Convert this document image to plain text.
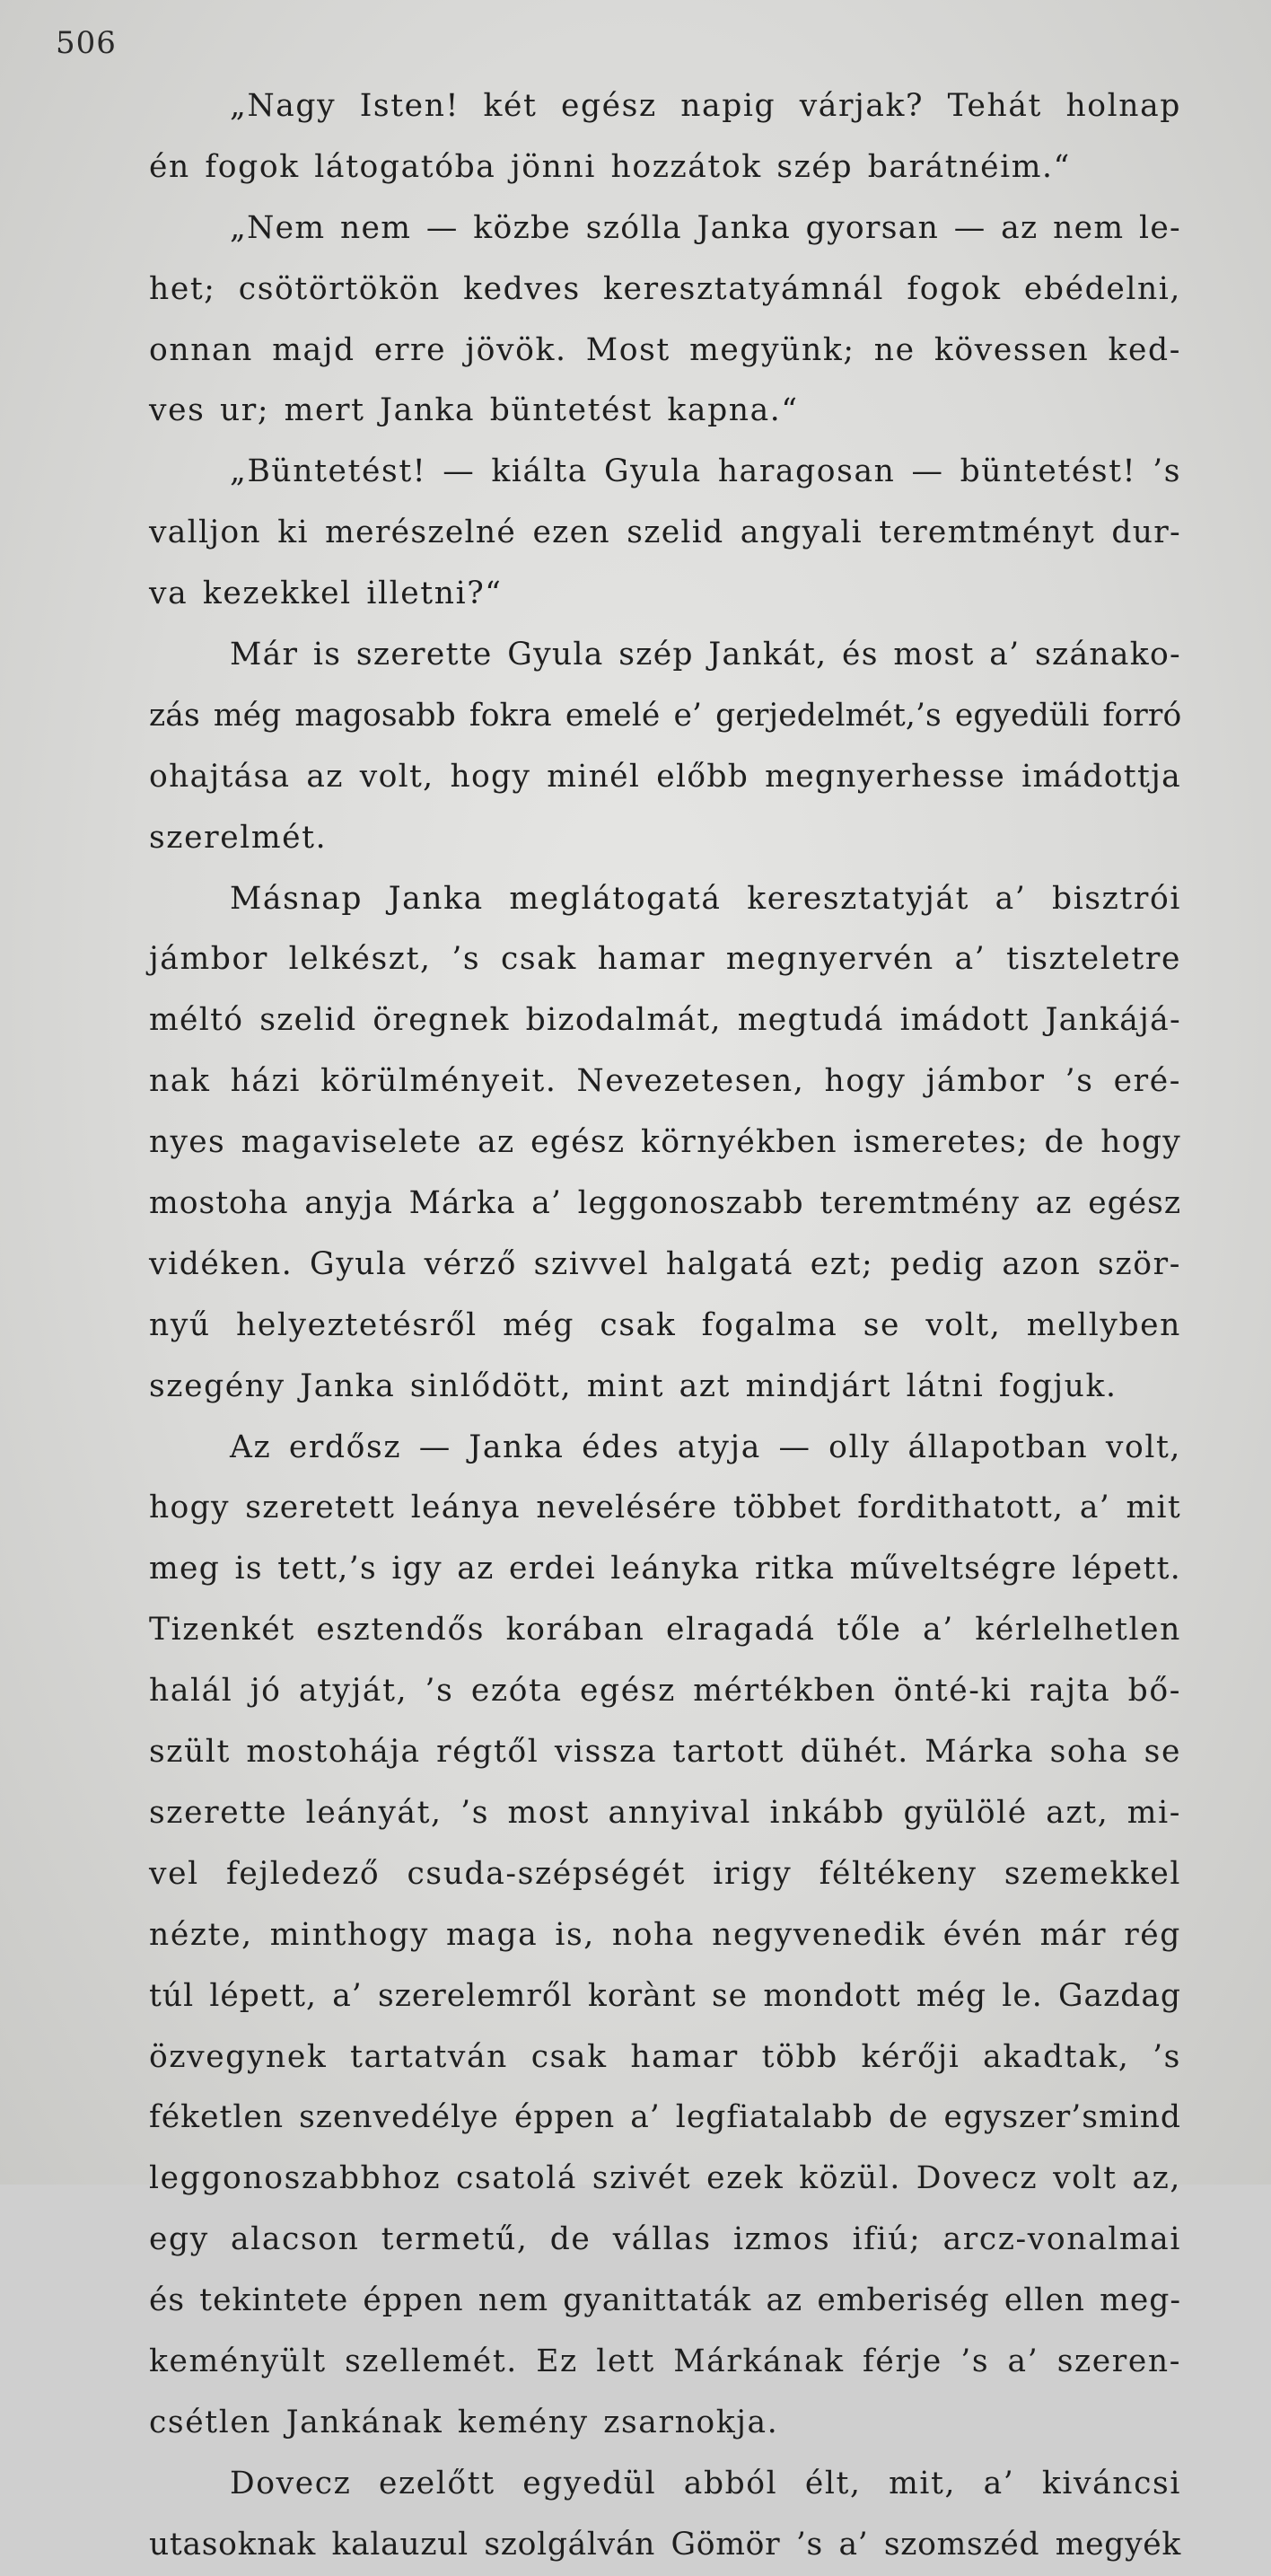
506
„Nagy Isten! két egész napig várjak? Tehát holnap
én fogok látogatóba jönni hozzátok szép barátnéim.“
„Nem nem — közbe szólla Janka gyorsan — az nem le-
het; csötörtökön kedves keresztatyámnál fogok ebédelni,
onnan majd erre jövök. Most megyünk; ne kövessen ked-
ves ur; mert Janka büntetést kapna.“
„Büntetést! — kiálta Gyula haragosan — büntetést! ’s
valljon ki merészelné ezen szelid angyali teremtményt dur-
va kezekkel illetni?“
Már is szerette Gyula szép Jankát, és most a’ szánako-
zás még magosabb fokra emelé e’ gerjedelmét,’s egyedüli forró
ohajtása az volt, hogy minél előbb megnyerhesse imádottja
szerelmét.
Másnap Janka meglátogatá keresztatyját a’ bisztrói
jámbor lelkészt, ’s csak hamar megnyervén a’ tiszteletre
méltó szelid öregnek bizodalmát, megtudá imádott Jankájá-
nak házi körülményeit. Nevezetesen, hogy jámbor ’s eré-
nyes magaviselete az egész környékben ismeretes; de hogy
mostoha anyja Márka a’ leggonoszabb teremtmény az egész
vidéken. Gyula vérző szivvel halgatá ezt; pedig azon ször-
nyű helyeztetésről még csak fogalma se volt, mellyben
szegény Janka sinlődött, mint azt mindjárt látni fogjuk.
Az erdősz — Janka édes atyja — olly állapotban volt,
hogy szeretett leánya nevelésére többet fordithatott, a’ mit
meg is tett,’s igy az erdei leányka ritka műveltségre lépett.
Tizenkét esztendős korában elragadá tőle a’ kérlelhetlen
halál jó atyját, ’s ezóta egész mértékben önté-ki rajta bő-
szült mostohája régtől vissza tartott dühét. Márka soha se
szerette leányát, ’s most annyival inkább gyülölé azt, mi-
vel fejledező csuda-szépségét irigy féltékeny szemekkel
nézte, minthogy maga is, noha negyvenedik évén már rég
túl lépett, a’ szerelemről korànt se mondott még le. Gazdag
özvegynek tartatván csak hamar több kérőji akadtak, ’s
féketlen szenvedélye éppen a’ legfiatalabb de egyszer’smind
leggonoszabbhoz csatolá szivét ezek közül. Dovecz volt az,
egy alacson termetű, de vállas izmos ifiú; arcz-vonalmai
és tekintete éppen nem gyanittaták az emberiség ellen meg-
keményült szellemét. Ez lett Márkának férje ’s a’ szeren-
csétlen Jankának kemény zsarnokja.
Dovecz ezelőtt egyedül abból élt, mit, a’ kiváncsi
utasoknak kalauzul szolgálván Gömör ’s a’ szomszéd megyék
